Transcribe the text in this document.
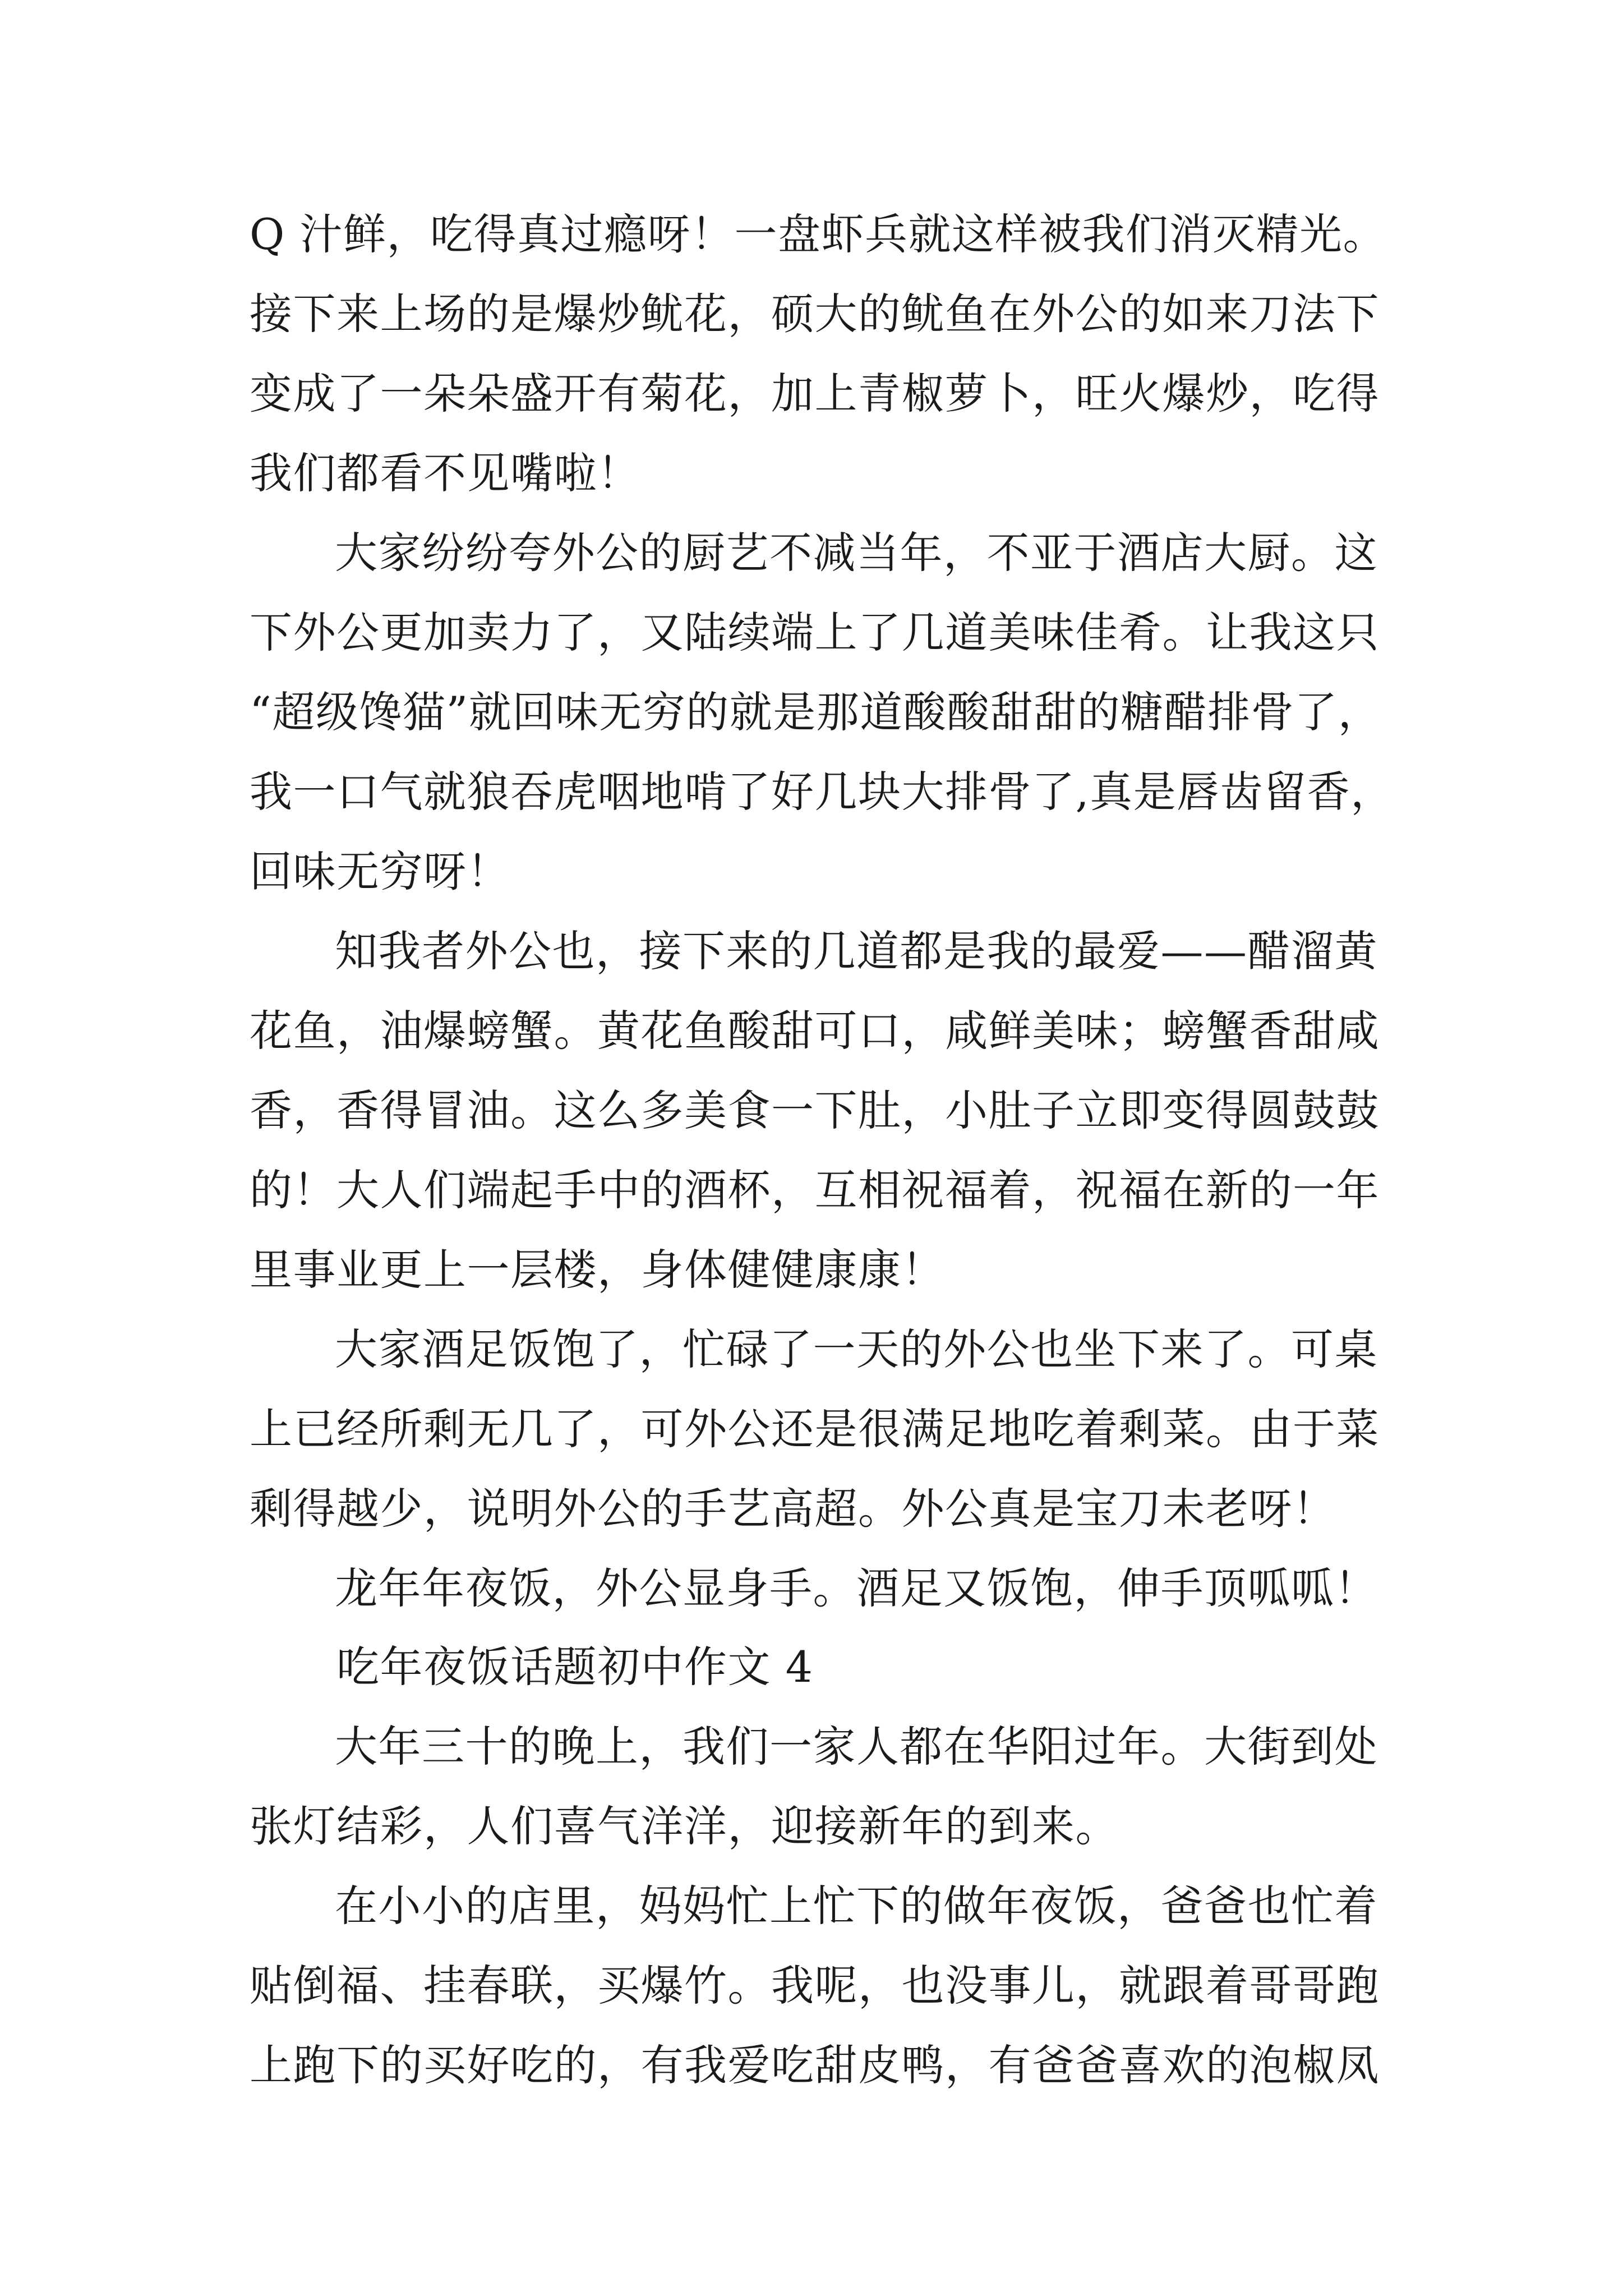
Q 汁鲜，吃得真过瘾呀！一盘虾兵就这样被我们消灭精光。
接下来上场的是爆炒鱿花，硕大的鱿鱼在外公的如来刀法下
变成了一朵朵盛开有菊花，加上青椒萝卜，旺火爆炒，吃得
我们都看不见嘴啦！
大家纷纷夸外公的厨艺不减当年，不亚于酒店大厨。这
下外公更加卖力了，又陆续端上了几道美味佳肴。让我这只
“超级馋猫”就回味无穷的就是那道酸酸甜甜的糖醋排骨了，
我一口气就狼吞虎咽地啃了好几块大排骨了,真是唇齿留香，
回味无穷呀！
知我者外公也，接下来的几道都是我的最爱——醋溜黄
花鱼，油爆螃蟹。黄花鱼酸甜可口，咸鲜美味；螃蟹香甜咸
香，香得冒油。这么多美食一下肚，小肚子立即变得圆鼓鼓
的！大人们端起手中的酒杯，互相祝福着，祝福在新的一年
里事业更上一层楼，身体健健康康！
大家酒足饭饱了，忙碌了一天的外公也坐下来了。可桌
上已经所剩无几了，可外公还是很满足地吃着剩菜。由于菜
剩得越少，说明外公的手艺高超。外公真是宝刀未老呀！
龙年年夜饭，外公显身手。酒足又饭饱，伸手顶呱呱！
吃年夜饭话题初中作文 4
大年三十的晚上，我们一家人都在华阳过年。大街到处
张灯结彩，人们喜气洋洋，迎接新年的到来。
在小小的店里，妈妈忙上忙下的做年夜饭，爸爸也忙着
贴倒福、挂春联，买爆竹。我呢，也没事儿，就跟着哥哥跑
上跑下的买好吃的，有我爱吃甜皮鸭，有爸爸喜欢的泡椒凤
